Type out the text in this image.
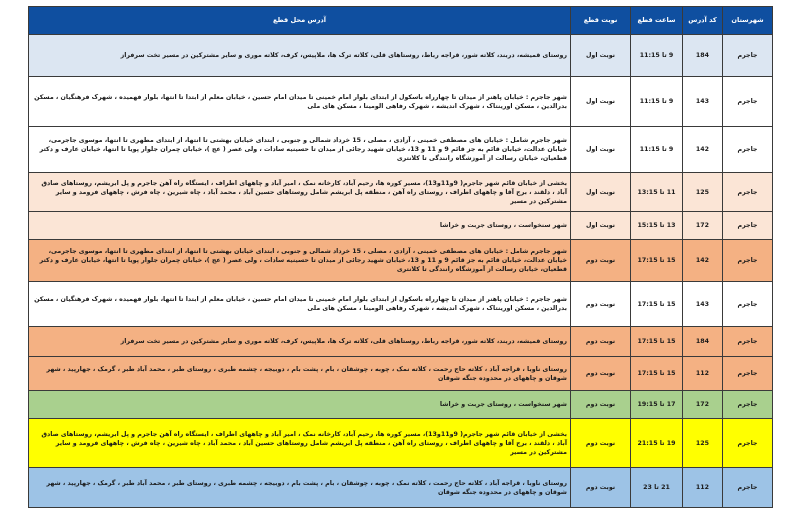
شهرستان	کد آدرس	ساعت قطع	نوبت قطع	آدرس محل قطع
جاجرم	184	9 تا 11:15	نوبت اول	روستای قمیشه، دربند، کلاته شور، قراجه رباط، روستاهای قلی، کلاته ترک ها، ملاپیس، کرف، کلاته موری و سایر مشترکین در مسیر تخت سرفراز

جاجرم	143	9 تا 11:15	نوبت اول	شهر جاجرم : خیابان پاهنر از میدان تا چهارراه باسکول از ابتدای بلوار امام خمینی تا میدان امام حسین ، خیابان معلم از ابتدا تا انتها، بلوار فهمیده ، شهرک فرهنگیان ، مسکن بدرالدین ، مسکن اورینتاک ، شهرک اندیشه ، شهرک رفاهی الومینا ، مسکن های ملی

جاجرم	142	9 تا 11:15	نوبت اول	شهر جاجرم شامل : خیابان های مصطفی خمینی ، آزادی ، مصلی ، 15 خرداد شمالی و جنوبی ، ابتدای خیابان بهشتی تا انتها، از ابتدای مطهری تا انتها، موسوی جاجرمی، خیابان عدالت، خیابان قائم به جز قائم 9 و 11 و 13، خیابان شهید رجائی از میدان تا حسینیه سادات ، ولی عصر ( عج )، خیابان چمران جلوار پویا تا انتها، خیابان عارف و دکتر قطعیان، خیابان رسالت از آموزشگاه رانندگی تا کلانتری

جاجرم	125	11 تا 13:15	نوبت اول	بخشی از خیابان قائم شهر جاجرم( 9و11و13)، مسیر کوره ها، رحیم آباد، کارخانه نمک ، امیر آباد و چاههای اطراف ، ایستگاه راه آهن جاجرم و پل ابریشم، روستاهای صادق آباد ، دلقند ، برج آقا و چاههای اطراف ، روستای راه آهن ، منطقه پل ابریشم شامل روستاهای حسین آباد ، محمد آباد ، چاه شیرین ، چاه فرش ، چاههای فرومد و سایر مشترکین در مسیر

جاجرم	172	13 تا 15:15	نوبت اول	شهر سنخواست ، روستای جربت و خراشا

جاجرم	142	15 تا 17:15	نوبت دوم	شهر جاجرم شامل : خیابان های مصطفی خمینی ، آزادی ، مصلی ، 15 خرداد شمالی و جنوبی ، ابتدای خیابان بهشتی تا انتها، از ابتدای مطهری تا انتها، موسوی جاجرمی، خیابان عدالت، خیابان قائم به جز قائم 9 و 11 و 13، خیابان شهید رجائی از میدان تا حسینیه سادات ، ولی عصر ( عج )، خیابان چمران جلوار پویا تا انتها، خیابان عارف و دکتر قطعیان، خیابان رسالت از آموزشگاه رانندگی تا کلانتری

جاجرم	143	15 تا 17:15	نوبت دوم	شهر جاجرم : خیابان پاهنر از میدان تا چهارراه باسکول از ابتدای بلوار امام خمینی تا میدان امام حسین ، خیابان معلم از ابتدا تا انتها، بلوار فهمیده ، شهرک فرهنگیان ، مسکن بدرالدین ، مسکن اورینتاک ، شهرک اندیشه ، شهرک رفاهی الومینا ، مسکن های ملی

جاجرم	184	15 تا 17:15	نوبت دوم	روستای قمیشه، دربند، کلاته شور، قراجه رباط، روستاهای قلی، کلاته ترک ها، ملاپیس، کرف، کلاته موری و سایر مشترکین در مسیر تخت سرفراز

جاجرم	112	15 تا 17:15	نوبت دوم	روستای ناوبا ، قراجه آباد ، کلاته حاج رحمت ، کلاته نمک ، چوبه ، چوشقان ، بام ، پشت بام ، دوبیجه ، چشمه طبری ، روستای طبر ، محمد آباد طبر ، گرمک ، جهارپید ، شهر شوقان و چاههای در محدوده جنگه شوقان

جاجرم	172	17 تا 19:15	نوبت دوم	شهر سنخواست ، روستای جربت و خراشا

جاجرم	125	19 تا 21:15	نوبت دوم	بخشی از خیابان قائم شهر جاجرم( 9و11و13)، مسیر کوره ها، رحیم آباد، کارخانه نمک ، امیر آباد و چاههای اطراف ، ایستگاه راه آهن جاجرم و پل ابریشم، روستاهای صادق آباد ، دلقند ، برج آقا و چاههای اطراف ، روستای راه آهن ، منطقه پل ابریشم شامل روستاهای حسین آباد ، محمد آباد ، چاه شیرین ، چاه فرش ، چاههای فرومد و سایر مشترکین در مسیر

جاجرم	112	21 تا 23	نوبت دوم	روستای ناوبا ، قراجه آباد ، کلاته حاج رحمت ، کلاته نمک ، چوبه ، چوشقان ، بام ، پشت بام ، دوبیجه ، چشمه طبری ، روستای طبر ، محمد آباد طبر ، گرمک ، جهارپید ، شهر شوقان و چاههای در محدوده جنگه شوقان
